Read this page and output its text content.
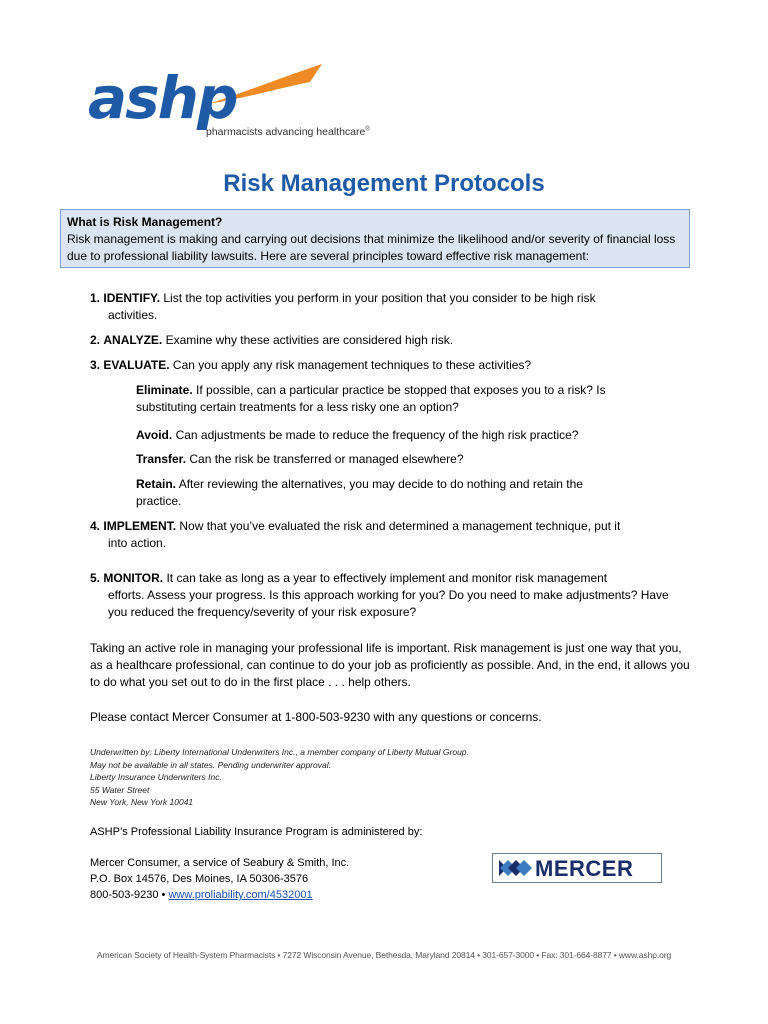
ashp
pharmacists advancing healthcare®
Risk Management Protocols
What is Risk Management?
Risk management is making and carrying out decisions that minimize the likelihood and/or severity of financial loss due to professional liability lawsuits. Here are several principles toward effective risk management:
1. IDENTIFY. List the top activities you perform in your position that you consider to be high risk
activities.
2. ANALYZE. Examine why these activities are considered high risk.
3. EVALUATE. Can you apply any risk management techniques to these activities?
Eliminate. If possible, can a particular practice be stopped that exposes you to a risk? Is substituting certain treatments for a less risky one an option?
Avoid. Can adjustments be made to reduce the frequency of the high risk practice?
Transfer. Can the risk be transferred or managed elsewhere?
Retain. After reviewing the alternatives, you may decide to do nothing and retain the practice.
4. IMPLEMENT. Now that you’ve evaluated the risk and determined a management technique, put it
into action.
5. MONITOR. It can take as long as a year to effectively implement and monitor risk management
efforts. Assess your progress. Is this approach working for you? Do you need to make adjustments? Have you reduced the frequency/severity of your risk exposure?
Taking an active role in managing your professional life is important. Risk management is just one way that you, as a healthcare professional, can continue to do your job as proficiently as possible. And, in the end, it allows you to do what you set out to do in the first place . . . help others.
Please contact Mercer Consumer at 1-800-503-9230 with any questions or concerns.
Underwritten by: Liberty International Underwriters Inc., a member company of Liberty Mutual Group.
May not be available in all states. Pending underwriter approval.
Liberty Insurance Underwriters Inc.
55 Water Street
New York, New York 10041
ASHP’s Professional Liability Insurance Program is administered by:
Mercer Consumer, a service of Seabury & Smith, Inc.
P.O. Box 14576, Des Moines, IA 50306-3576
800-503-9230 • www.proliability.com/4532001
MERCER
American Society of Health-System Pharmacists • 7272 Wisconsin Avenue, Bethesda, Maryland 20814 • 301-657-3000 • Fax: 301-664-8877 • www.ashp.org
